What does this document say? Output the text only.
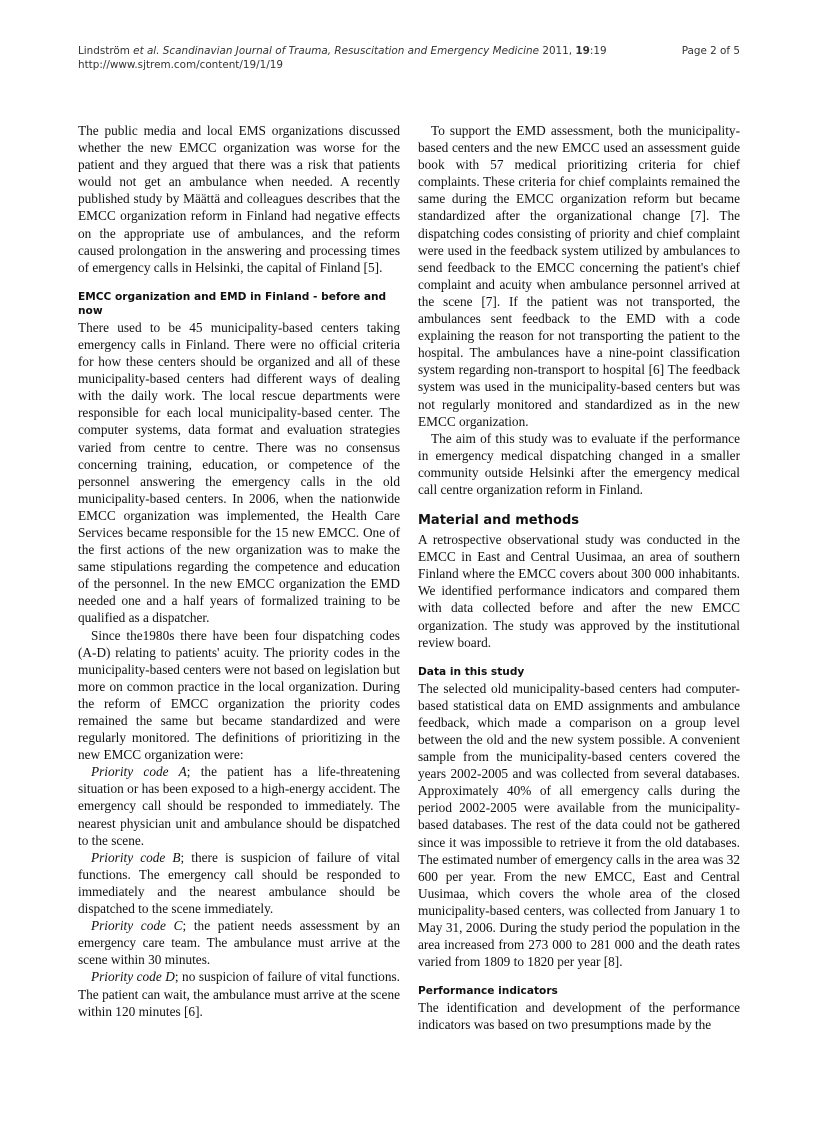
Lindström et al. Scandinavian Journal of Trauma, Resuscitation and Emergency Medicine 2011, 19:19
http://www.sjtrem.com/content/19/1/19
Page 2 of 5

The public media and local EMS organizations discussed whether the new EMCC organization was worse for the patient and they argued that there was a risk that patients would not get an ambulance when needed. A recently published study by Määttä and colleagues describes that the EMCC organization reform in Finland had negative effects on the appropriate use of ambulances, and the reform caused prolongation in the answering and processing times of emergency calls in Helsinki, the capital of Finland [5].

EMCC organization and EMD in Finland - before and now

There used to be 45 municipality-based centers taking emergency calls in Finland. There were no official criteria for how these centers should be organized and all of these municipality-based centers had different ways of dealing with the daily work. The local rescue departments were responsible for each local municipality-based center. The computer systems, data format and evaluation strategies varied from centre to centre. There was no consensus concerning training, education, or competence of the personnel answering the emergency calls in the old municipality-based centers. In 2006, when the nationwide EMCC organization was implemented, the Health Care Services became responsible for the 15 new EMCC. One of the first actions of the new organization was to make the same stipulations regarding the competence and education of the personnel. In the new EMCC organization the EMD needed one and a half years of formalized training to be qualified as a dispatcher.

Since the1980s there have been four dispatching codes (A-D) relating to patients' acuity. The priority codes in the municipality-based centers were not based on legislation but more on common practice in the local organization. During the reform of EMCC organization the priority codes remained the same but became standardized and were regularly monitored. The definitions of prioritizing in the new EMCC organization were:

Priority code A; the patient has a life-threatening situation or has been exposed to a high-energy accident. The emergency call should be responded to immediately. The nearest physician unit and ambulance should be dispatched to the scene.

Priority code B; there is suspicion of failure of vital functions. The emergency call should be responded to immediately and the nearest ambulance should be dispatched to the scene immediately.

Priority code C; the patient needs assessment by an emergency care team. The ambulance must arrive at the scene within 30 minutes.

Priority code D; no suspicion of failure of vital functions. The patient can wait, the ambulance must arrive at the scene within 120 minutes [6].

To support the EMD assessment, both the municipality-based centers and the new EMCC used an assessment guide book with 57 medical prioritizing criteria for chief complaints. These criteria for chief complaints remained the same during the EMCC organization reform but became standardized after the organizational change [7]. The dispatching codes consisting of priority and chief complaint were used in the feedback system utilized by ambulances to send feedback to the EMCC concerning the patient's chief complaint and acuity when ambulance personnel arrived at the scene [7]. If the patient was not transported, the ambulances sent feedback to the EMD with a code explaining the reason for not transporting the patient to the hospital. The ambulances have a nine-point classification system regarding non-transport to hospital [6] The feedback system was used in the municipality-based centers but was not regularly monitored and standardized as in the new EMCC organization.

The aim of this study was to evaluate if the performance in emergency medical dispatching changed in a smaller community outside Helsinki after the emergency medical call centre organization reform in Finland.

Material and methods

A retrospective observational study was conducted in the EMCC in East and Central Uusimaa, an area of southern Finland where the EMCC covers about 300 000 inhabitants. We identified performance indicators and compared them with data collected before and after the new EMCC organization. The study was approved by the institutional review board.

Data in this study

The selected old municipality-based centers had computer-based statistical data on EMD assignments and ambulance feedback, which made a comparison on a group level between the old and the new system possible. A convenient sample from the municipality-based centers covered the years 2002-2005 and was collected from several databases. Approximately 40% of all emergency calls during the period 2002-2005 were available from the municipality-based databases. The rest of the data could not be gathered since it was impossible to retrieve it from the old databases. The estimated number of emergency calls in the area was 32 600 per year. From the new EMCC, East and Central Uusimaa, which covers the whole area of the closed municipality-based centers, was collected from January 1 to May 31, 2006. During the study period the population in the area increased from 273 000 to 281 000 and the death rates varied from 1809 to 1820 per year [8].

Performance indicators

The identification and development of the performance indicators was based on two presumptions made by the
